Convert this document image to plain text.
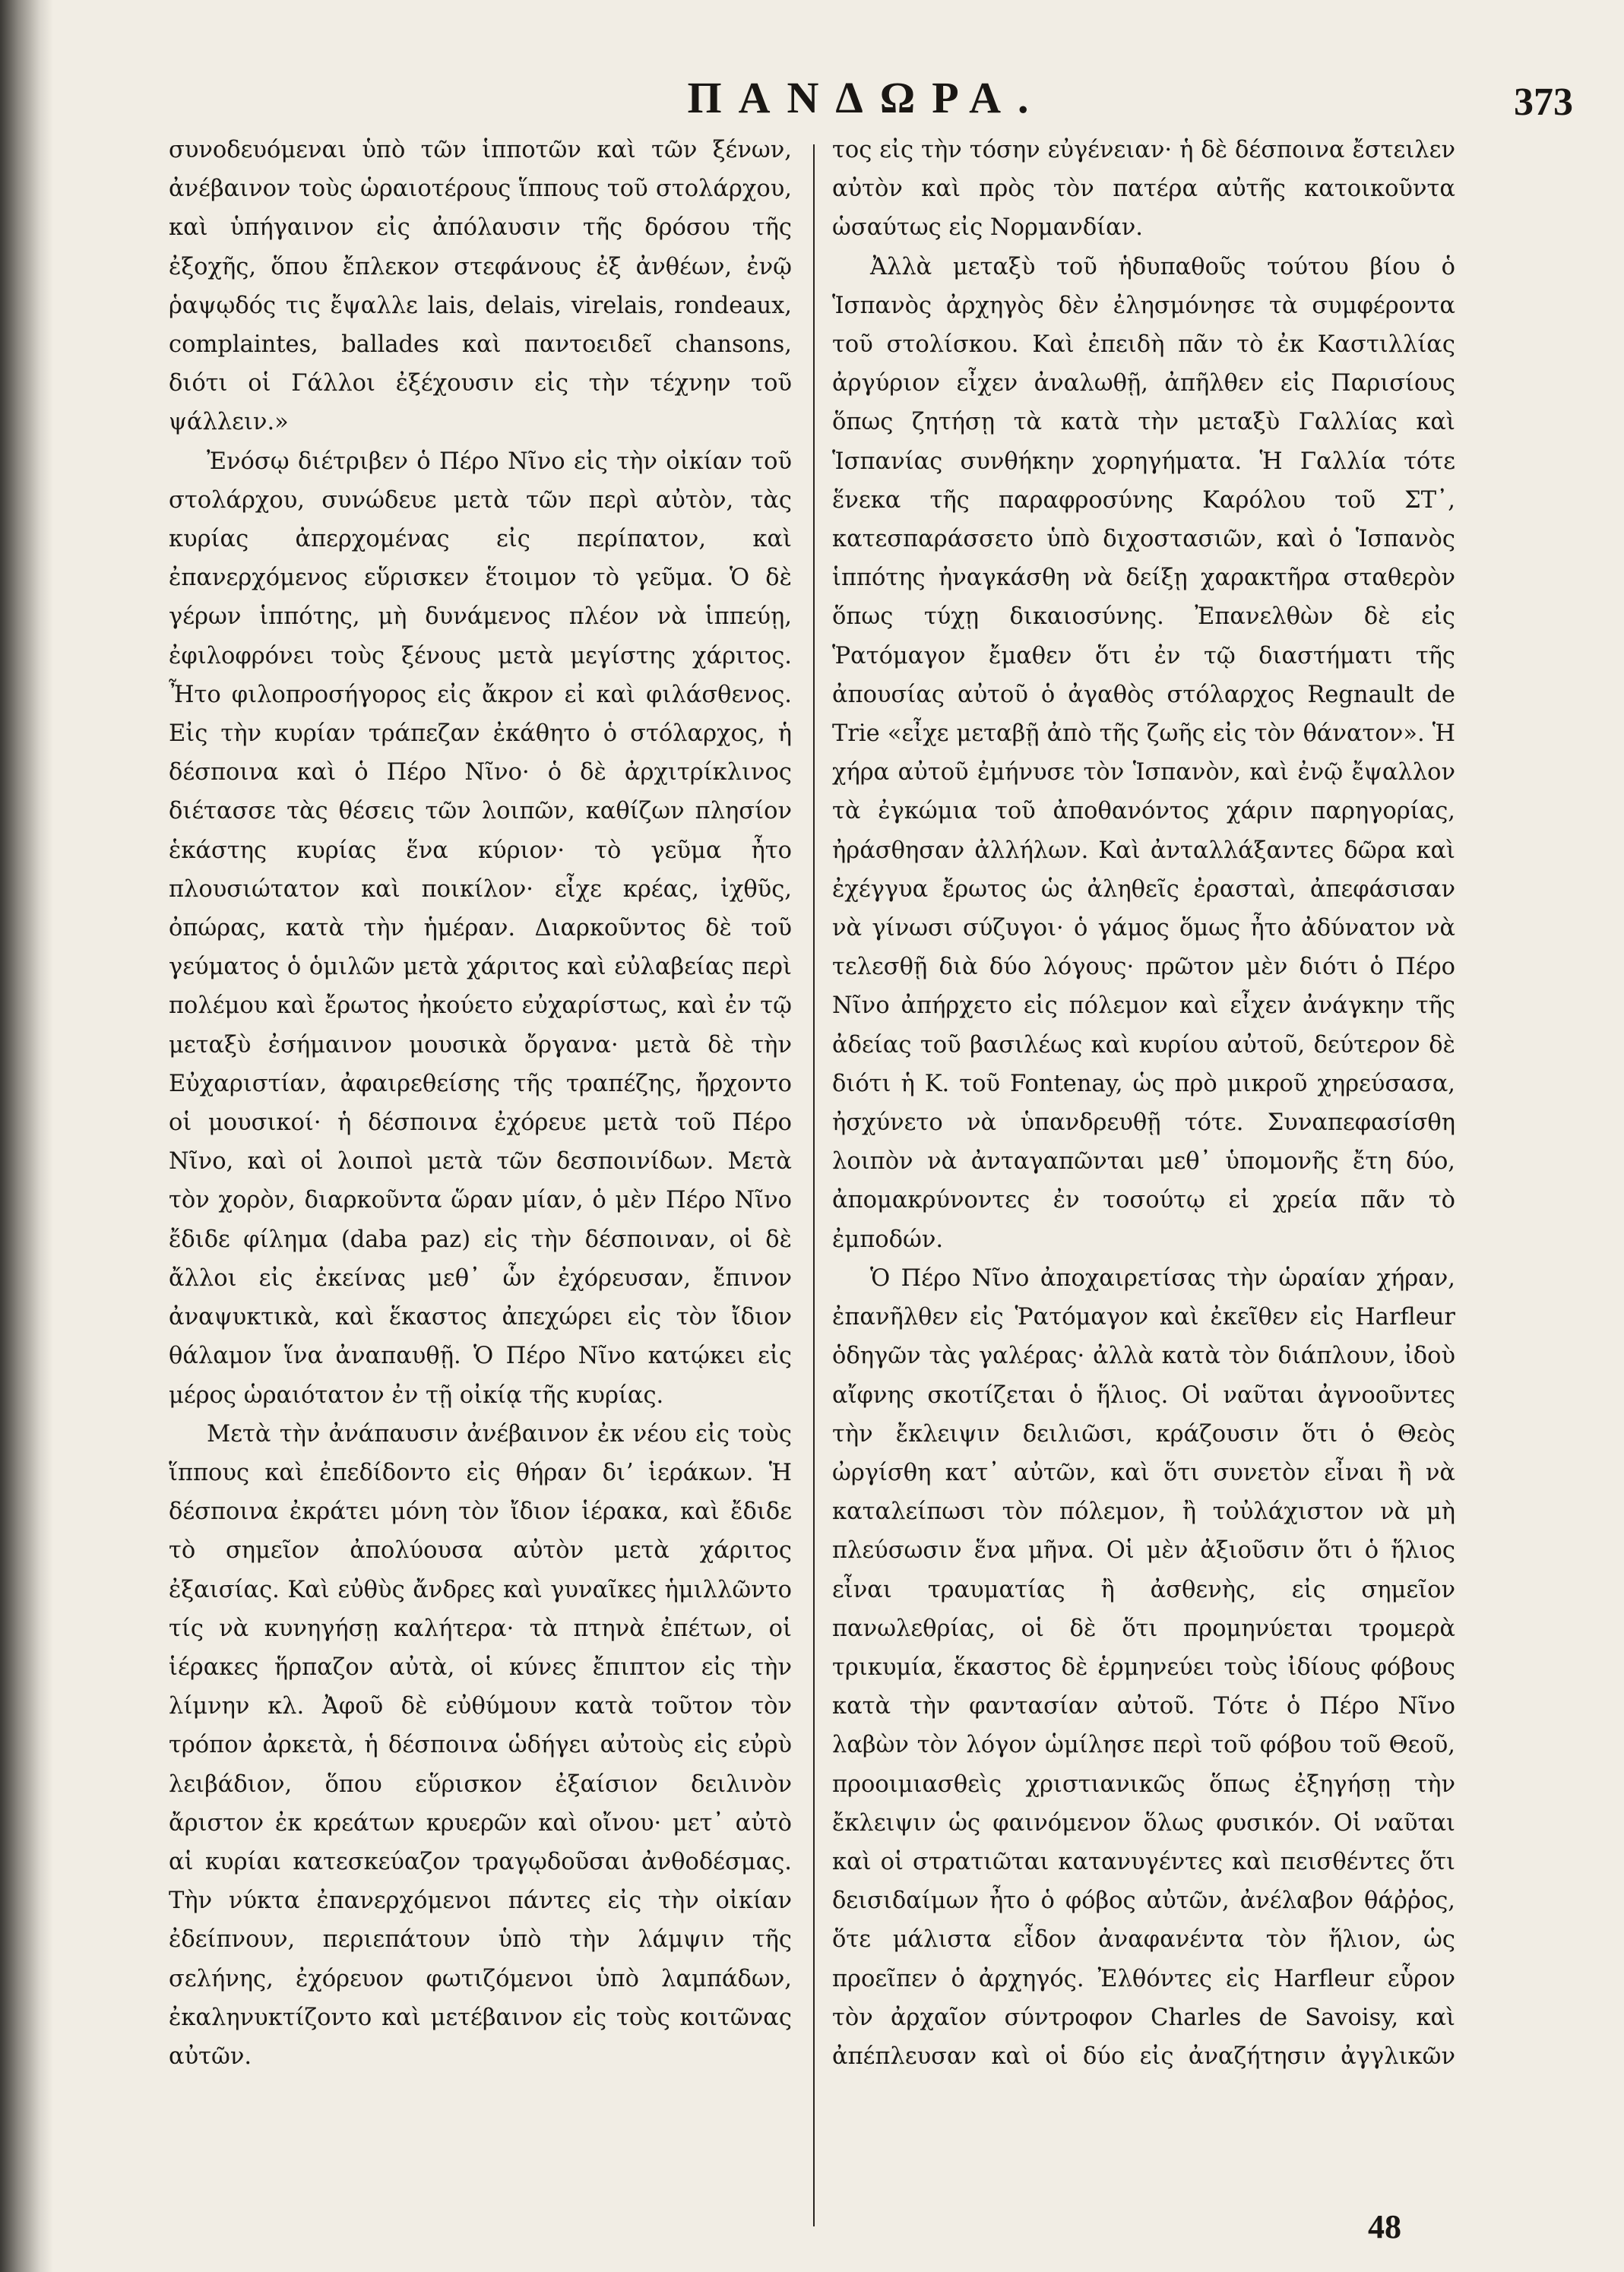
ΠΑΝΔΩΡΑ.	373

συνοδευόμεναι ὑπὸ τῶν ἱπποτῶν καὶ τῶν ξένων, ἀνέβαινον τοὺς ὡραιοτέρους ἵππους τοῦ στολάρχου, καὶ ὑπήγαινον εἰς ἀπόλαυσιν τῆς δρόσου τῆς ἐξοχῆς, ὅπου ἔπλεκον στεφάνους ἐξ ἀνθέων, ἐνῷ ῥαψῳδός τις ἔψαλλε lais, delais, virelais, rondeaux, complaintes, ballades καὶ παντοειδεῖ chansons, διότι οἱ Γάλλοι ἐξέχουσιν εἰς τὴν τέχνην τοῦ ψάλλειν.»

Ἐνόσῳ διέτριβεν ὁ Πέρο Νῖνο εἰς τὴν οἰκίαν τοῦ στολάρχου, συνώδευε μετὰ τῶν περὶ αὐτὸν, τὰς κυρίας ἀπερχομένας εἰς περίπατον, καὶ ἐπανερχόμενος εὕρισκεν ἕτοιμον τὸ γεῦμα. Ὁ δὲ γέρων ἱππότης, μὴ δυνάμενος πλέον νὰ ἱππεύῃ, ἐφιλοφρόνει τοὺς ξένους μετὰ μεγίστης χάριτος. Ἦτο φιλοπροσήγορος εἰς ἄκρον εἰ καὶ φιλάσθενος. Εἰς τὴν κυρίαν τράπεζαν ἐκάθητο ὁ στόλαρχος, ἡ δέσποινα καὶ ὁ Πέρο Νῖνο· ὁ δὲ ἀρχιτρίκλινος διέτασσε τὰς θέσεις τῶν λοιπῶν, καθίζων πλησίον ἑκάστης κυρίας ἕνα κύριον· τὸ γεῦμα ἦτο πλουσιώτατον καὶ ποικίλον· εἶχε κρέας, ἰχθῦς, ὀπώρας, κατὰ τὴν ἡμέραν. Διαρκοῦντος δὲ τοῦ γεύματος ὁ ὁμιλῶν μετὰ χάριτος καὶ εὐλαβείας περὶ πολέμου καὶ ἔρωτος ἠκούετο εὐχαρίστως, καὶ ἐν τῷ μεταξὺ ἐσήμαινον μουσικὰ ὄργανα· μετὰ δὲ τὴν Εὐχαριστίαν, ἀφαιρεθείσης τῆς τραπέζης, ἤρχοντο οἱ μουσικοί· ἡ δέσποινα ἐχόρευε μετὰ τοῦ Πέρο Νῖνο, καὶ οἱ λοιποὶ μετὰ τῶν δεσποινίδων. Μετὰ τὸν χορὸν, διαρκοῦντα ὥραν μίαν, ὁ μὲν Πέρο Νῖνο ἔδιδε φίλημα (daba paz) εἰς τὴν δέσποιναν, οἱ δὲ ἄλλοι εἰς ἐκείνας μεθ᾽ ὧν ἐχόρευσαν, ἔπινον ἀναψυκτικὰ, καὶ ἕκαστος ἀπεχώρει εἰς τὸν ἴδιον θάλαμον ἵνα ἀναπαυθῇ. Ὁ Πέρο Νῖνο κατῴκει εἰς μέρος ὡραιότατον ἐν τῇ οἰκίᾳ τῆς κυρίας.

Μετὰ τὴν ἀνάπαυσιν ἀνέβαινον ἐκ νέου εἰς τοὺς ἵππους καὶ ἐπεδίδοντο εἰς θήραν διʼ ἱεράκων. Ἡ δέσποινα ἐκράτει μόνη τὸν ἴδιον ἱέρακα, καὶ ἔδιδε τὸ σημεῖον ἀπολύουσα αὐτὸν μετὰ χάριτος ἐξαισίας. Καὶ εὐθὺς ἄνδρες καὶ γυναῖκες ἡμιλλῶντο τίς νὰ κυνηγήσῃ καλήτερα· τὰ πτηνὰ ἐπέτων, οἱ ἱέρακες ἥρπαζον αὐτὰ, οἱ κύνες ἔπιπτον εἰς τὴν λίμνην κλ. Ἀφοῦ δὲ εὐθύμουν κατὰ τοῦτον τὸν τρόπον ἀρκετὰ, ἡ δέσποινα ὡδήγει αὐτοὺς εἰς εὐρὺ λειβάδιον, ὅπου εὕρισκον ἐξαίσιον δειλινὸν ἄριστον ἐκ κρεάτων κρυερῶν καὶ οἴνου· μετ᾽ αὐτὸ αἱ κυρίαι κατεσκεύαζον τραγῳδοῦσαι ἀνθοδέσμας. Τὴν νύκτα ἐπανερχόμενοι πάντες εἰς τὴν οἰκίαν ἐδείπνουν, περιεπάτουν ὑπὸ τὴν λάμψιν τῆς σελήνης, ἐχόρευον φωτιζόμενοι ὑπὸ λαμπάδων, ἐκαληνυκτίζοντο καὶ μετέβαινον εἰς τοὺς κοιτῶνας αὐτῶν.

τος εἰς τὴν τόσην εὐγένειαν· ἡ δὲ δέσποινα ἔστειλεν αὐτὸν καὶ πρὸς τὸν πατέρα αὐτῆς κατοικοῦντα ὡσαύτως εἰς Νορμανδίαν.

Ἀλλὰ μεταξὺ τοῦ ἡδυπαθοῦς τούτου βίου ὁ Ἱσπανὸς ἀρχηγὸς δὲν ἐλησμόνησε τὰ συμφέροντα τοῦ στολίσκου. Καὶ ἐπειδὴ πᾶν τὸ ἐκ Καστιλλίας ἀργύριον εἶχεν ἀναλωθῇ, ἀπῆλθεν εἰς Παρισίους ὅπως ζητήσῃ τὰ κατὰ τὴν μεταξὺ Γαλλίας καὶ Ἱσπανίας συνθήκην χορηγήματα. Ἡ Γαλλία τότε ἕνεκα τῆς παραφροσύνης Καρόλου τοῦ ΣΤ᾽, κατεσπαράσσετο ὑπὸ διχοστασιῶν, καὶ ὁ Ἱσπανὸς ἱππότης ἠναγκάσθη νὰ δείξῃ χαρακτῆρα σταθερὸν ὅπως τύχῃ δικαιοσύνης. Ἐπανελθὼν δὲ εἰς Ῥατόμαγον ἔμαθεν ὅτι ἐν τῷ διαστήματι τῆς ἀπουσίας αὐτοῦ ὁ ἀγαθὸς στόλαρχος Regnault de Trie «εἶχε μεταβῇ ἀπὸ τῆς ζωῆς εἰς τὸν θάνατον». Ἡ χήρα αὐτοῦ ἐμήνυσε τὸν Ἱσπανὸν, καὶ ἐνῷ ἔψαλλον τὰ ἐγκώμια τοῦ ἀποθανόντος χάριν παρηγορίας, ἠράσθησαν ἀλλήλων. Καὶ ἀνταλλάξαντες δῶρα καὶ ἐχέγγυα ἔρωτος ὡς ἀληθεῖς ἐρασταὶ, ἀπεφάσισαν νὰ γίνωσι σύζυγοι· ὁ γάμος ὅμως ἦτο ἀδύνατον νὰ τελεσθῇ διὰ δύο λόγους· πρῶτον μὲν διότι ὁ Πέρο Νῖνο ἀπήρχετο εἰς πόλεμον καὶ εἶχεν ἀνάγκην τῆς ἀδείας τοῦ βασιλέως καὶ κυρίου αὐτοῦ, δεύτερον δὲ διότι ἡ Κ. τοῦ Fontenay, ὡς πρὸ μικροῦ χηρεύσασα, ἠσχύνετο νὰ ὑπανδρευθῇ τότε. Συναπεφασίσθη λοιπὸν νὰ ἀνταγαπῶνται μεθ᾽ ὑπομονῆς ἔτη δύο, ἀπομακρύνοντες ἐν τοσούτῳ εἰ χρεία πᾶν τὸ ἐμποδών.

Ὁ Πέρο Νῖνο ἀποχαιρετίσας τὴν ὡραίαν χήραν, ἐπανῆλθεν εἰς Ῥατόμαγον καὶ ἐκεῖθεν εἰς Harfleur ὁδηγῶν τὰς γαλέρας· ἀλλὰ κατὰ τὸν διάπλουν, ἰδοὺ αἴφνης σκοτίζεται ὁ ἥλιος. Οἱ ναῦται ἀγνοοῦντες τὴν ἔκλειψιν δειλιῶσι, κράζουσιν ὅτι ὁ Θεὸς ὠργίσθη κατ᾽ αὐτῶν, καὶ ὅτι συνετὸν εἶναι ἢ νὰ καταλείπωσι τὸν πόλεμον, ἢ τοὐλάχιστον νὰ μὴ πλεύσωσιν ἕνα μῆνα. Οἱ μὲν ἀξιοῦσιν ὅτι ὁ ἥλιος εἶναι τραυματίας ἢ ἀσθενὴς, εἰς σημεῖον πανωλεθρίας, οἱ δὲ ὅτι προμηνύεται τρομερὰ τρικυμία, ἕκαστος δὲ ἑρμηνεύει τοὺς ἰδίους φόβους κατὰ τὴν φαντασίαν αὐτοῦ. Τότε ὁ Πέρο Νῖνο λαβὼν τὸν λόγον ὡμίλησε περὶ τοῦ φόβου τοῦ Θεοῦ, προοιμιασθεὶς χριστιανικῶς ὅπως ἐξηγήσῃ τὴν ἔκλειψιν ὡς φαινόμενον ὅλως φυσικόν. Οἱ ναῦται καὶ οἱ στρατιῶται κατανυγέντες καὶ πεισθέντες ὅτι δεισιδαίμων ἦτο ὁ φόβος αὐτῶν, ἀνέλαβον θάῤῥος, ὅτε μάλιστα εἶδον ἀναφανέντα τὸν ἥλιον, ὡς προεῖπεν ὁ ἀρχηγός. Ἐλθόντες εἰς Harfleur εὗρον τὸν ἀρχαῖον σύντροφον Charles de Savoisy, καὶ ἀπέπλευσαν καὶ οἱ δύο εἰς ἀναζήτησιν ἀγγλικῶν

48
